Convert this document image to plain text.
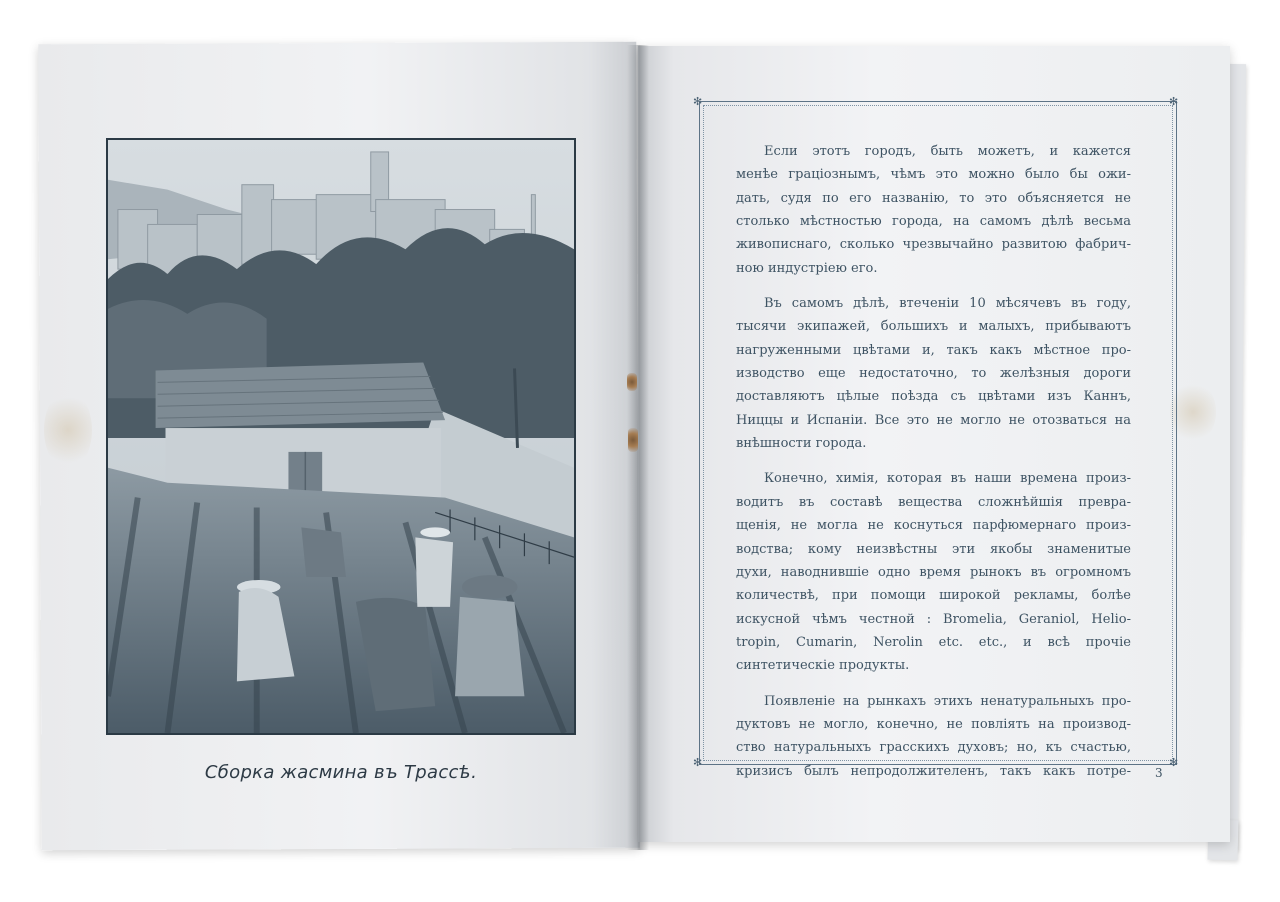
Сборка жасмина въ Трассѣ.
✻	✻
✻	✻

Если этотъ городъ, быть можетъ, и кажется
менѣе граціознымъ, чѣмъ это можно было бы ожи-
дать, судя по его названію, то это объясняется не
столько мѣстностью города, на самомъ дѣлѣ весьма
живописнаго, сколько чрезвычайно развитою фабрич-
ною индустріею его.

Въ самомъ дѣлѣ, втеченіи 10 мѣсячевъ въ году,
тысячи экипажей, большихъ и малыхъ, прибываютъ
нагруженными цвѣтами и, такъ какъ мѣстное про-
изводство еще недостаточно, то желѣзныя дороги
доставляютъ цѣлые поѣзда съ цвѣтами изъ Каннъ,
Ниццы и Испаніи. Все это не могло не отозваться на
внѣшности города.

Конечно, химія, которая въ наши времена произ-
водитъ въ составѣ вещества сложнѣйшія превра-
щенія, не могла не коснуться парфюмернаго произ-
водства; кому неизвѣстны эти якобы знаменитые
духи, наводнившіе одно время рынокъ въ огромномъ
количествѣ, при помощи широкой рекламы, болѣе
искусной чѣмъ честной : Bromelia, Geraniol, Helio-
tropin, Cumarin, Nerolin etc. etc., и всѣ прочіе
синтетическіе продукты.

Появленіе на рынкахъ этихъ ненатуральныхъ про-
дуктовъ не могло, конечно, не повліять на производ-
ство натуральныхъ грасскихъ духовъ; но, къ счастью,
кризисъ былъ непродолжителенъ, такъ какъ потре- 3
